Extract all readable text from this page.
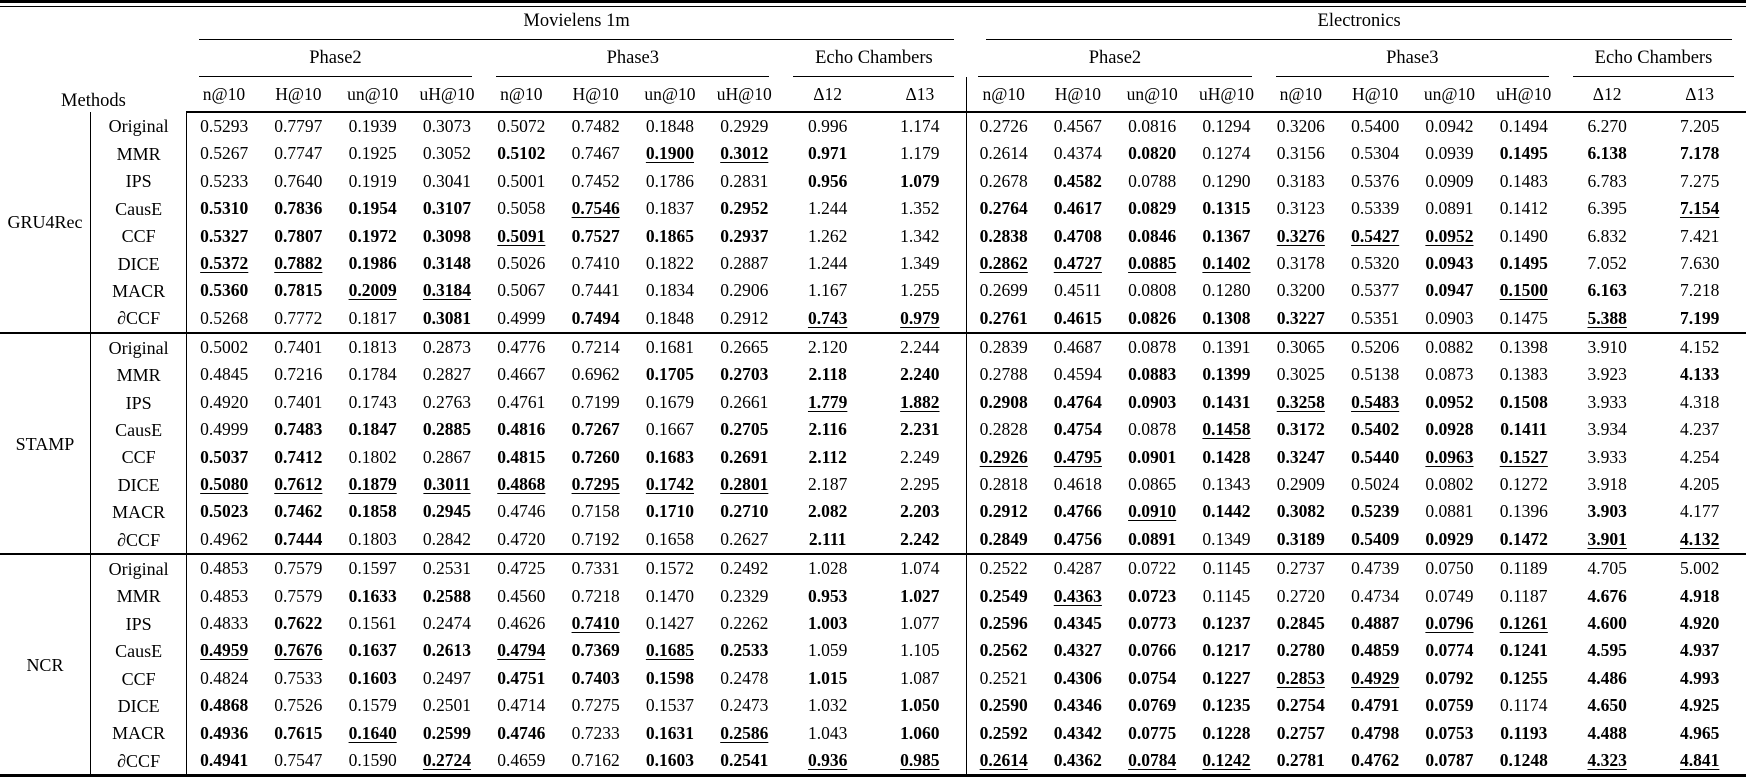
Methods		Movielens 1m										Electronics									

		Phase2				Phase3				Echo Chambers		Phase2				Phase3				Echo Chambers	

		n@10	H@10	un@10	uH@10	n@10	H@10	un@10	uH@10	Δ12	Δ13	n@10	H@10	un@10	uH@10	n@10	H@10	un@10	uH@10	Δ12	Δ13
GRU4Rec	Original	0.5293	0.7797	0.1939	0.3073	0.5072	0.7482	0.1848	0.2929	0.996	1.174	0.2726	0.4567	0.0816	0.1294	0.3206	0.5400	0.0942	0.1494	6.270	7.205
	MMR	0.5267	0.7747	0.1925	0.3052	0.5102	0.7467	0.1900	0.3012	0.971	1.179	0.2614	0.4374	0.0820	0.1274	0.3156	0.5304	0.0939	0.1495	6.138	7.178
	IPS	0.5233	0.7640	0.1919	0.3041	0.5001	0.7452	0.1786	0.2831	0.956	1.079	0.2678	0.4582	0.0788	0.1290	0.3183	0.5376	0.0909	0.1483	6.783	7.275
	CausE	0.5310	0.7836	0.1954	0.3107	0.5058	0.7546	0.1837	0.2952	1.244	1.352	0.2764	0.4617	0.0829	0.1315	0.3123	0.5339	0.0891	0.1412	6.395	7.154
	CCF	0.5327	0.7807	0.1972	0.3098	0.5091	0.7527	0.1865	0.2937	1.262	1.342	0.2838	0.4708	0.0846	0.1367	0.3276	0.5427	0.0952	0.1490	6.832	7.421
	DICE	0.5372	0.7882	0.1986	0.3148	0.5026	0.7410	0.1822	0.2887	1.244	1.349	0.2862	0.4727	0.0885	0.1402	0.3178	0.5320	0.0943	0.1495	7.052	7.630
	MACR	0.5360	0.7815	0.2009	0.3184	0.5067	0.7441	0.1834	0.2906	1.167	1.255	0.2699	0.4511	0.0808	0.1280	0.3200	0.5377	0.0947	0.1500	6.163	7.218
	∂CCF	0.5268	0.7772	0.1817	0.3081	0.4999	0.7494	0.1848	0.2912	0.743	0.979	0.2761	0.4615	0.0826	0.1308	0.3227	0.5351	0.0903	0.1475	5.388	7.199
STAMP	Original	0.5002	0.7401	0.1813	0.2873	0.4776	0.7214	0.1681	0.2665	2.120	2.244	0.2839	0.4687	0.0878	0.1391	0.3065	0.5206	0.0882	0.1398	3.910	4.152
	MMR	0.4845	0.7216	0.1784	0.2827	0.4667	0.6962	0.1705	0.2703	2.118	2.240	0.2788	0.4594	0.0883	0.1399	0.3025	0.5138	0.0873	0.1383	3.923	4.133
	IPS	0.4920	0.7401	0.1743	0.2763	0.4761	0.7199	0.1679	0.2661	1.779	1.882	0.2908	0.4764	0.0903	0.1431	0.3258	0.5483	0.0952	0.1508	3.933	4.318
	CausE	0.4999	0.7483	0.1847	0.2885	0.4816	0.7267	0.1667	0.2705	2.116	2.231	0.2828	0.4754	0.0878	0.1458	0.3172	0.5402	0.0928	0.1411	3.934	4.237
	CCF	0.5037	0.7412	0.1802	0.2867	0.4815	0.7260	0.1683	0.2691	2.112	2.249	0.2926	0.4795	0.0901	0.1428	0.3247	0.5440	0.0963	0.1527	3.933	4.254
	DICE	0.5080	0.7612	0.1879	0.3011	0.4868	0.7295	0.1742	0.2801	2.187	2.295	0.2818	0.4618	0.0865	0.1343	0.2909	0.5024	0.0802	0.1272	3.918	4.205
	MACR	0.5023	0.7462	0.1858	0.2945	0.4746	0.7158	0.1710	0.2710	2.082	2.203	0.2912	0.4766	0.0910	0.1442	0.3082	0.5239	0.0881	0.1396	3.903	4.177
	∂CCF	0.4962	0.7444	0.1803	0.2842	0.4720	0.7192	0.1658	0.2627	2.111	2.242	0.2849	0.4756	0.0891	0.1349	0.3189	0.5409	0.0929	0.1472	3.901	4.132
NCR	Original	0.4853	0.7579	0.1597	0.2531	0.4725	0.7331	0.1572	0.2492	1.028	1.074	0.2522	0.4287	0.0722	0.1145	0.2737	0.4739	0.0750	0.1189	4.705	5.002
	MMR	0.4853	0.7579	0.1633	0.2588	0.4560	0.7218	0.1470	0.2329	0.953	1.027	0.2549	0.4363	0.0723	0.1145	0.2720	0.4734	0.0749	0.1187	4.676	4.918
	IPS	0.4833	0.7622	0.1561	0.2474	0.4626	0.7410	0.1427	0.2262	1.003	1.077	0.2596	0.4345	0.0773	0.1237	0.2845	0.4887	0.0796	0.1261	4.600	4.920
	CausE	0.4959	0.7676	0.1637	0.2613	0.4794	0.7369	0.1685	0.2533	1.059	1.105	0.2562	0.4327	0.0766	0.1217	0.2780	0.4859	0.0774	0.1241	4.595	4.937
	CCF	0.4824	0.7533	0.1603	0.2497	0.4751	0.7403	0.1598	0.2478	1.015	1.087	0.2521	0.4306	0.0754	0.1227	0.2853	0.4929	0.0792	0.1255	4.486	4.993
	DICE	0.4868	0.7526	0.1579	0.2501	0.4714	0.7275	0.1537	0.2473	1.032	1.050	0.2590	0.4346	0.0769	0.1235	0.2754	0.4791	0.0759	0.1174	4.650	4.925
	MACR	0.4936	0.7615	0.1640	0.2599	0.4746	0.7233	0.1631	0.2586	1.043	1.060	0.2592	0.4342	0.0775	0.1228	0.2757	0.4798	0.0753	0.1193	4.488	4.965
	∂CCF	0.4941	0.7547	0.1590	0.2724	0.4659	0.7162	0.1603	0.2541	0.936	0.985	0.2614	0.4362	0.0784	0.1242	0.2781	0.4762	0.0787	0.1248	4.323	4.841
